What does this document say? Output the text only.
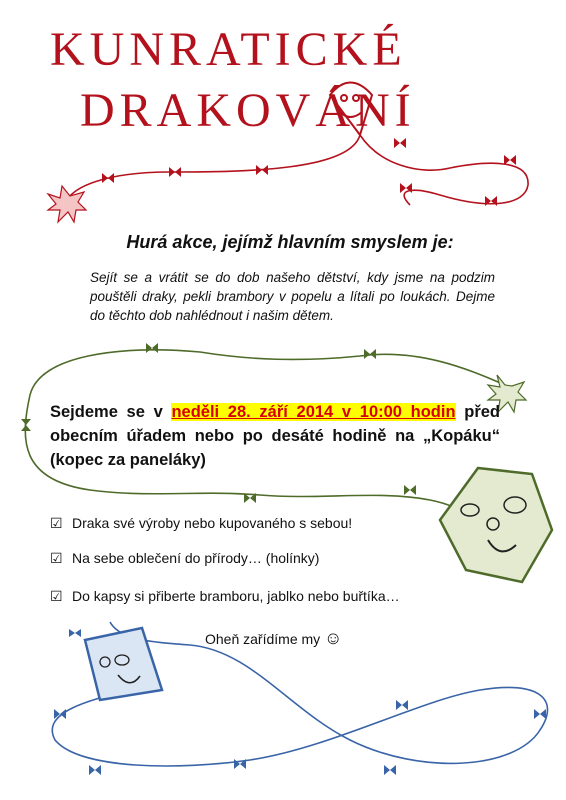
KUNRATICKÉ
DRAKOVÁNÍ
Hurá akce, jejímž hlavním smyslem je:
Sejít se a vrátit se do dob našeho dětství, kdy jsme na podzim pouštěli draky, pekli brambory v popelu a lítali po loukách. Dejme do těchto dob nahlédnout i našim dětem.
Sejdeme se v neděli 28. září 2014 v 10:00 hodin před obecním úřadem nebo po desáté hodině na „Kopáku“ (kopec za paneláky)
☑ Draka své výroby nebo kupovaného s sebou!
☑ Na sebe oblečení do přírody… (holínky)
☑ Do kapsy si přiberte bramboru, jablko nebo buřtíka…
Oheň zařídíme my ☺
